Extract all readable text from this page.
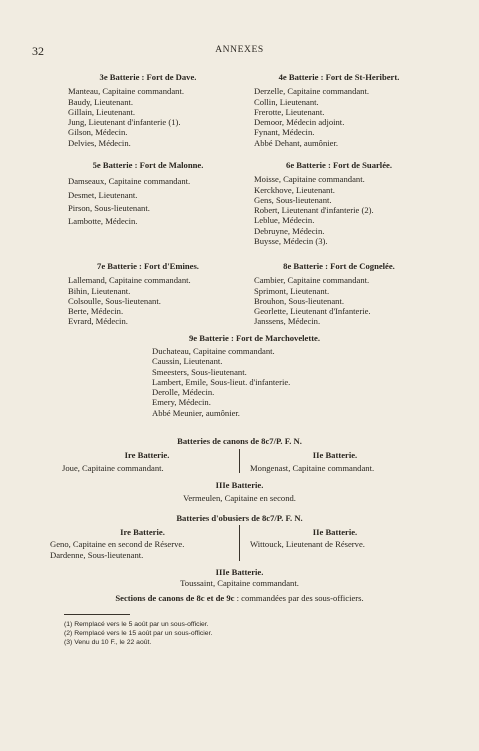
32	ANNEXES
3e Batterie : Fort de Dave.
Manteau, Capitaine commandant.
Baudy, Lieutenant.
Gillain, Lieutenant.
Jung, Lieutenant d'infanterie (1).
Gilson, Médecin.
Delvies, Médecin.
4e Batterie : Fort de St-Heribert.
Derzelle, Capitaine commandant.
Collin, Lieutenant.
Frerotte, Lieutenant.
Demoor, Médecin adjoint.
Fynant, Médecin.
Abbé Dehant, aumônier.
5e Batterie : Fort de Malonne.
Damseaux, Capitaine commandant.
Desmet, Lieutenant.
Pirson, Sous-lieutenant.
Lambotte, Médecin.
6e Batterie : Fort de Suarlée.
Moisse, Capitaine commandant.
Kerckhove, Lieutenant.
Gens, Sous-lieutenant.
Robert, Lieutenant d'infanterie (2).
Leblue, Médecin.
Debruyne, Médecin.
Buysse, Médecin (3).
7e Batterie : Fort d'Emines.
Lallemand, Capitaine commandant.
Bihin, Lieutenant.
Colsoulle, Sous-lieutenant.
Berte, Médecin.
Evrard, Médecin.
8e Batterie : Fort de Cognelée.
Cambier, Capitaine commandant.
Sprimont, Lieutenant.
Brouhon, Sous-lieutenant.
Georlette, Lieutenant d'Infanterie.
Janssens, Médecin.
9e Batterie : Fort de Marchovelette.
Duchateau, Capitaine commandant.
Caussin, Lieutenant.
Smeesters, Sous-lieutenant.
Lambert, Emile, Sous-lieut. d'infanterie.
Derolle, Médecin.
Emery, Médecin.
Abbé Meunier, aumônier.
Batteries de canons de 8c7/P. F. N.
Ire Batterie.
Joue, Capitaine commandant.
IIe Batterie.
Mongenast, Capitaine commandant.
IIIe Batterie.
Vermeulen, Capitaine en second.
Batteries d'obusiers de 8c7/P. F. N.
Ire Batterie.
Geno, Capitaine en second de Réserve.
Dardenne, Sous-lieutenant.
IIe Batterie.
Wittouck, Lieutenant de Réserve.
IIIe Batterie.
Toussaint, Capitaine commandant.
Sections de canons de 8c et de 9c : commandées par des sous-officiers.
(1) Remplacé vers le 5 août par un sous-officier.
(2) Remplacé vers le 15 août par un sous-officier.
(3) Venu du 10 F., le 22 août.
